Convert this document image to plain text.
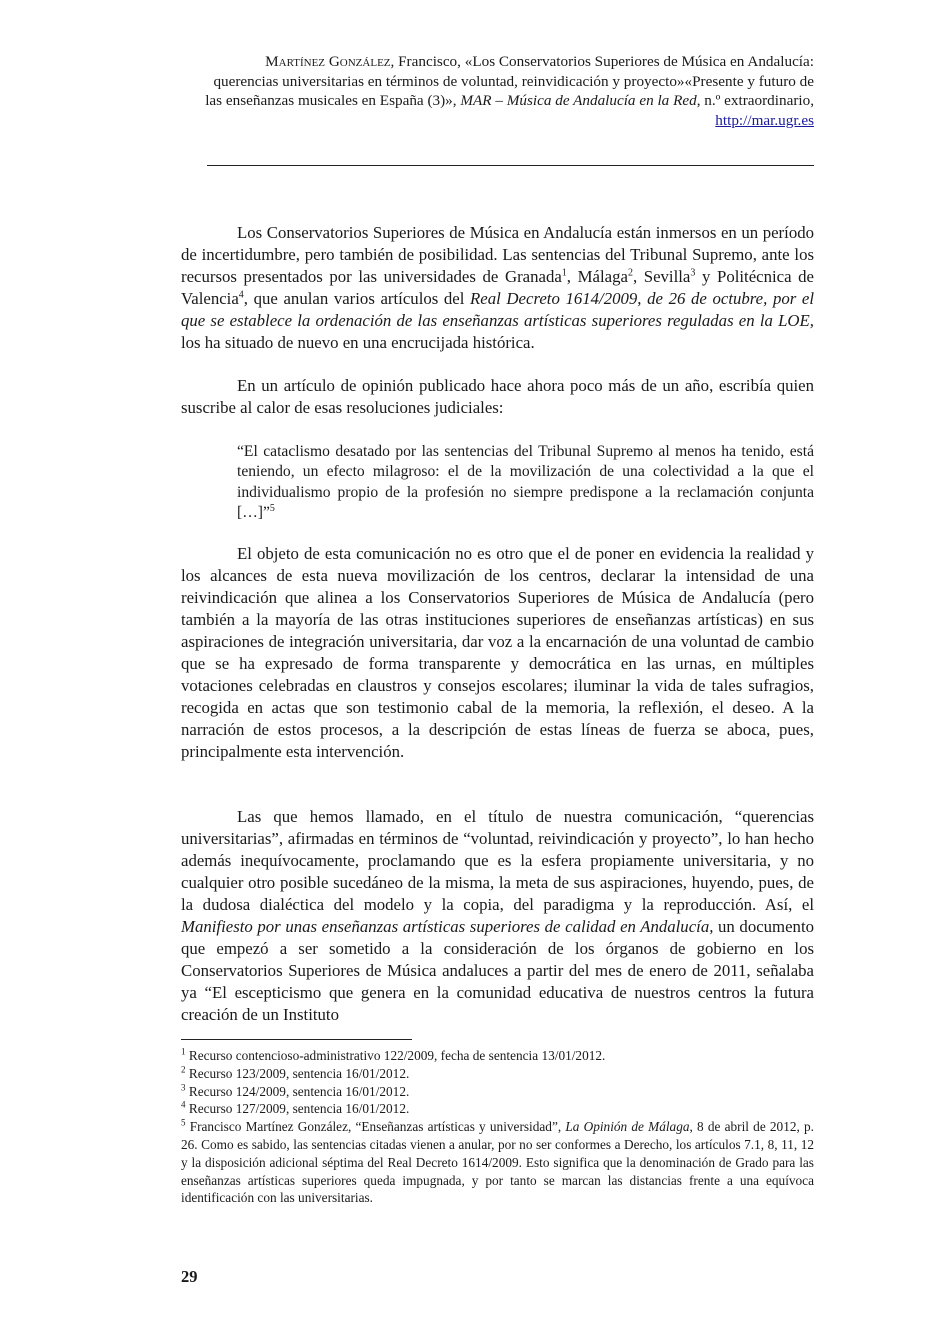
Martínez González, Francisco, «Los Conservatorios Superiores de Música en Andalucía:
querencias universitarias en términos de voluntad, reinvidicación y proyecto»«Presente y futuro de
las enseñanzas musicales en España (3)», MAR – Música de Andalucía en la Red, n.º extraordinario,
http://mar.ugr.es

Los Conservatorios Superiores de Música en Andalucía están inmersos en un período de incertidumbre, pero también de posibilidad. Las sentencias del Tribunal Supremo, ante los recursos presentados por las universidades de Granada$^1$, Málaga$^2$, Sevilla$^3$ y Politécnica de Valencia$^4$, que anulan varios artículos del Real Decreto 1614/2009, de 26 de octubre, por el que se establece la ordenación de las enseñanzas artísticas superiores reguladas en la LOE, los ha situado de nuevo en una encrucijada histórica.

En un artículo de opinión publicado hace ahora poco más de un año, escribía quien suscribe al calor de esas resoluciones judiciales:

“El cataclismo desatado por las sentencias del Tribunal Supremo al menos ha tenido, está teniendo, un efecto milagroso: el de la movilización de una colectividad a la que el individualismo propio de la profesión no siempre predispone a la reclamación conjunta […]”$^5$

El objeto de esta comunicación no es otro que el de poner en evidencia la realidad y los alcances de esta nueva movilización de los centros, declarar la intensidad de una reivindicación que alinea a los Conservatorios Superiores de Música de Andalucía (pero también a la mayoría de las otras instituciones superiores de enseñanzas artísticas) en sus aspiraciones de integración universitaria, dar voz a la encarnación de una voluntad de cambio que se ha expresado de forma transparente y democrática en las urnas, en múltiples votaciones celebradas en claustros y consejos escolares; iluminar la vida de tales sufragios, recogida en actas que son testimonio cabal de la memoria, la reflexión, el deseo. A la narración de estos procesos, a la descripción de estas líneas de fuerza se aboca, pues, principalmente esta intervención.

Las que hemos llamado, en el título de nuestra comunicación, “querencias universitarias”, afirmadas en términos de “voluntad, reivindicación y proyecto”, lo han hecho además inequívocamente, proclamando que es la esfera propiamente universitaria, y no cualquier otro posible sucedáneo de la misma, la meta de sus aspiraciones, huyendo, pues, de la dudosa dialéctica del modelo y la copia, del paradigma y la reproducción. Así, el Manifiesto por unas enseñanzas artísticas superiores de calidad en Andalucía, un documento que empezó a ser sometido a la consideración de los órganos de gobierno en los Conservatorios Superiores de Música andaluces a partir del mes de enero de 2011, señalaba ya “El escepticismo que genera en la comunidad educativa de nuestros centros la futura creación de un Instituto

$^1$ Recurso contencioso-administrativo 122/2009, fecha de sentencia 13/01/2012.

$^2$ Recurso 123/2009, sentencia 16/01/2012.

$^3$ Recurso 124/2009, sentencia 16/01/2012.

$^4$ Recurso 127/2009, sentencia 16/01/2012.

$^5$ Francisco Martínez González, “Enseñanzas artísticas y universidad”, La Opinión de Málaga, 8 de abril de 2012, p. 26. Como es sabido, las sentencias citadas vienen a anular, por no ser conformes a Derecho, los artículos 7.1, 8, 11, 12 y la disposición adicional séptima del Real Decreto 1614/2009. Esto significa que la denominación de Grado para las enseñanzas artísticas superiores queda impugnada, y por tanto se marcan las distancias frente a una equívoca identificación con las universitarias.

29
